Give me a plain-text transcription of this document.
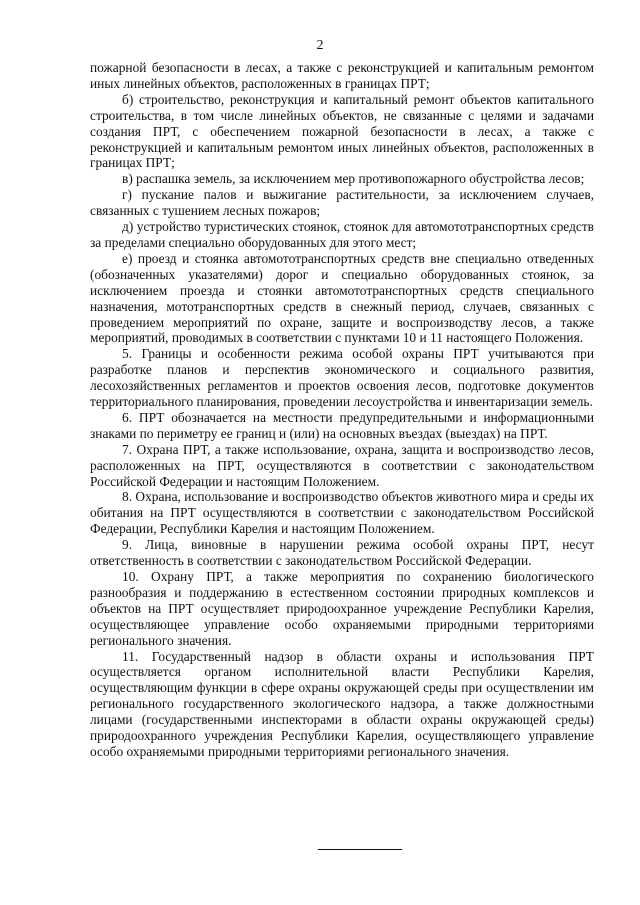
2

пожарной безопасности в лесах, а также с реконструкцией и капитальным ремонтом иных линейных объектов, расположенных в границах ПРТ;

б) строительство, реконструкция и капитальный ремонт объектов капитального строительства, в том числе линейных объектов, не связанные с целями и задачами создания ПРТ, с обеспечением пожарной безопасности в лесах, а также с реконструкцией и капитальным ремонтом иных линейных объектов, расположенных в границах ПРТ;

в) распашка земель, за исключением мер противопожарного обустройства лесов;

г) пускание палов и выжигание растительности, за исключением случаев, связанных с тушением лесных пожаров;

д) устройство туристических стоянок, стоянок для автомототранспортных средств за пределами специально оборудованных для этого мест;

е) проезд и стоянка автомототранспортных средств вне специально отведенных (обозначенных указателями) дорог и специально оборудованных стоянок, за исключением проезда и стоянки автомототранспортных средств специального назначения, мототранспортных средств в снежный период, случаев, связанных с проведением мероприятий по охране, защите и воспроизводству лесов, а также мероприятий, проводимых в соответствии с пунктами 10 и 11 настоящего Положения.

5. Границы и особенности режима особой охраны ПРТ учитываются при разработке планов и перспектив экономического и социального развития, лесохозяйственных регламентов и проектов освоения лесов, подготовке документов территориального планирования, проведении лесоустройства и инвентаризации земель.

6. ПРТ обозначается на местности предупредительными и информационными знаками по периметру ее границ и (или) на основных въездах (выездах) на ПРТ.

7. Охрана ПРТ, а также использование, охрана, защита и воспроизводство лесов, расположенных на ПРТ, осуществляются в соответствии с законодательством Российской Федерации и настоящим Положением.

8. Охрана, использование и воспроизводство объектов животного мира и среды их обитания на ПРТ осуществляются в соответствии с законодательством Российской Федерации, Республики Карелия и настоящим Положением.

9. Лица, виновные в нарушении режима особой охраны ПРТ, несут ответственность в соответствии с законодательством Российской Федерации.

10. Охрану ПРТ, а также мероприятия по сохранению биологического разнообразия и поддержанию в естественном состоянии природных комплексов и объектов на ПРТ осуществляет природоохранное учреждение Республики Карелия, осуществляющее управление особо охраняемыми природными территориями регионального значения.

11. Государственный надзор в области охраны и использования ПРТ осуществляется органом исполнительной власти Республики Карелия, осуществляющим функции в сфере охраны окружающей среды при осуществлении им регионального государственного экологического надзора, а также должностными лицами (государственными инспекторами в области охраны окружающей среды) природоохранного учреждения Республики Карелия, осуществляющего управление особо охраняемыми природными территориями регионального значения.
